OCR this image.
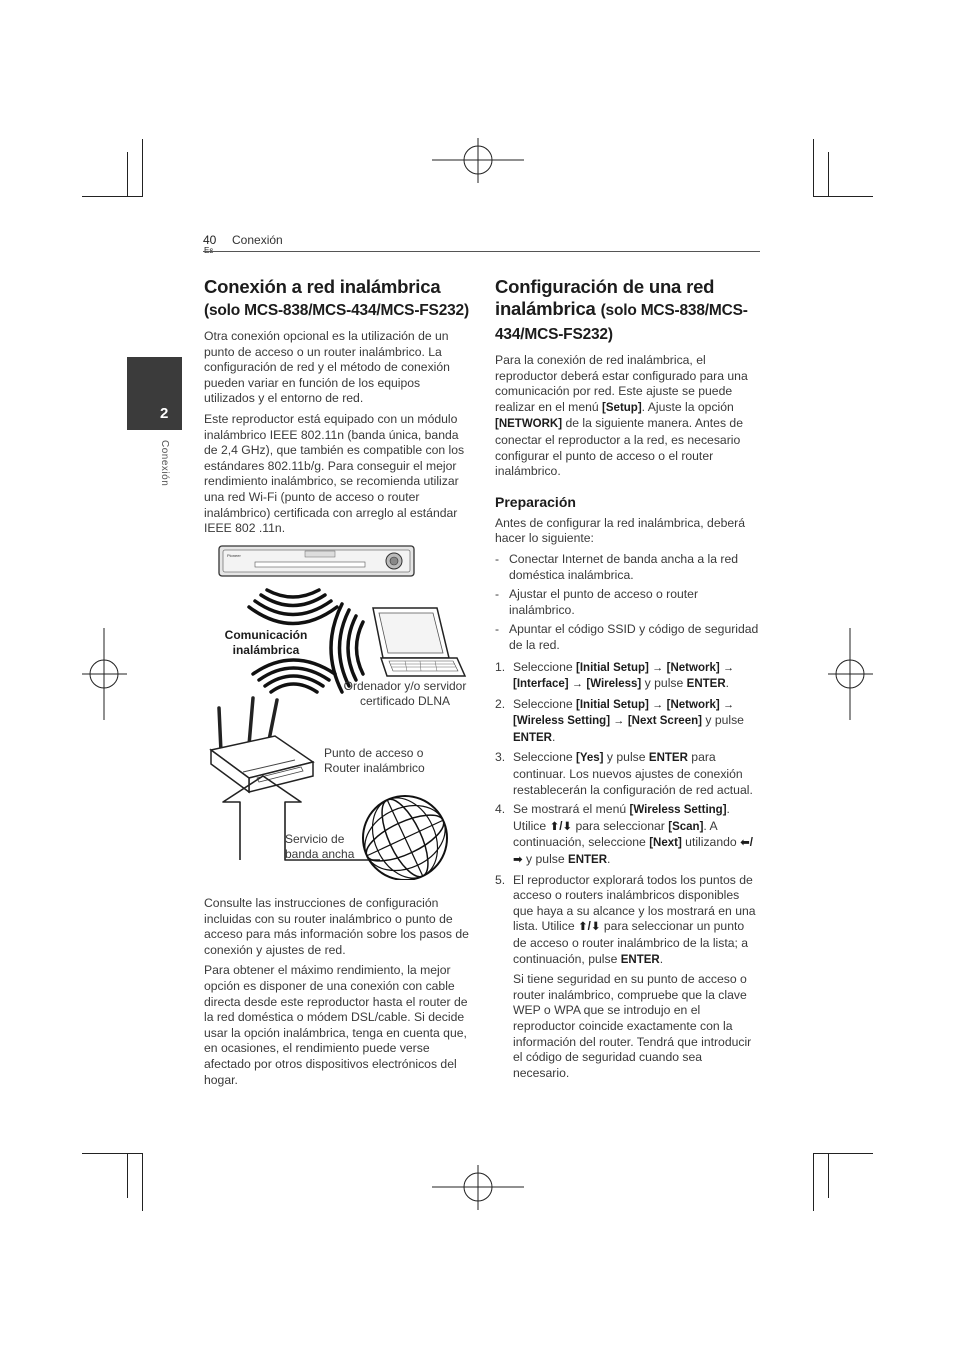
40 Conexión
2
Conexión
Conexión a red inalámbrica
(solo MCS-838/MCS-434/MCS-FS232)

Otra conexión opcional es la utilización de un punto de acceso o un router inalámbrico. La configuración de red y el método de conexión pueden variar en función de los equipos utilizados y el entorno de red.

Este reproductor está equipado con un módulo inalámbrico IEEE 802.11n (banda única, banda de 2,4 GHz), que también es compatible con los estándares 802.11b/g. Para conseguir el mejor rendimiento inalámbrico, se recomienda utilizar una red Wi-Fi (punto de acceso o router inalámbrico) certificada con arreglo al estándar IEEE 802 .11n.

Pioneer
Comunicación
inalámbrica
Ordenador y/o servidor
certificado DLNA
Punto de acceso o
Router inalámbrico
Servicio de
banda ancha

Consulte las instrucciones de configuración incluidas con su router inalámbrico o punto de acceso para más información sobre los pasos de conexión y ajustes de red.

Para obtener el máximo rendimiento, la mejor opción es disponer de una conexión con cable directa desde este reproductor hasta el router de la red doméstica o módem DSL/cable. Si decide usar la opción inalámbrica, tenga en cuenta que, en ocasiones, el rendimiento puede verse afectado por otros dispositivos electrónicos del hogar.

Configuración de una red inalámbrica (solo MCS-838/MCS-434/MCS-FS232)

Para la conexión de red inalámbrica, el reproductor deberá estar configurado para una comunicación por red. Este ajuste se puede realizar en el menú [Setup]. Ajuste la opción [NETWORK] de la siguiente manera. Antes de conectar el reproductor a la red, es necesario configurar el punto de acceso o el router inalámbrico.

Preparación

Antes de configurar la red inalámbrica, deberá hacer lo siguiente:

- Conectar Internet de banda ancha a la red doméstica inalámbrica.
- Ajustar el punto de acceso o router inalámbrico.
- Apuntar el código SSID y código de seguridad de la red.
1. Seleccione [Initial Setup] → [Network] → [Interface] → [Wireless] y pulse ENTER.
2. Seleccione [Initial Setup] → [Network] → [Wireless Setting] → [Next Screen] y pulse ENTER.
3. Seleccione [Yes] y pulse ENTER para continuar. Los nuevos ajustes de conexión restablecerán la configuración de red actual.
4. Se mostrará el menú [Wireless Setting]. Utilice ⬆/⬇ para seleccionar [Scan]. A continuación, seleccione [Next] utilizando ⬅/➡ y pulse ENTER.
5. El reproductor explorará todos los puntos de acceso o routers inalámbricos disponibles que haya a su alcance y los mostrará en una lista. Utilice ⬆/⬇ para seleccionar un punto de acceso o router inalámbrico de la lista; a continuación, pulse ENTER.

Si tiene seguridad en su punto de acceso o router inalámbrico, compruebe que la clave WEP o WPA que se introdujo en el reproductor coincide exactamente con la información del router. Tendrá que introducir el código de seguridad cuando sea necesario.
